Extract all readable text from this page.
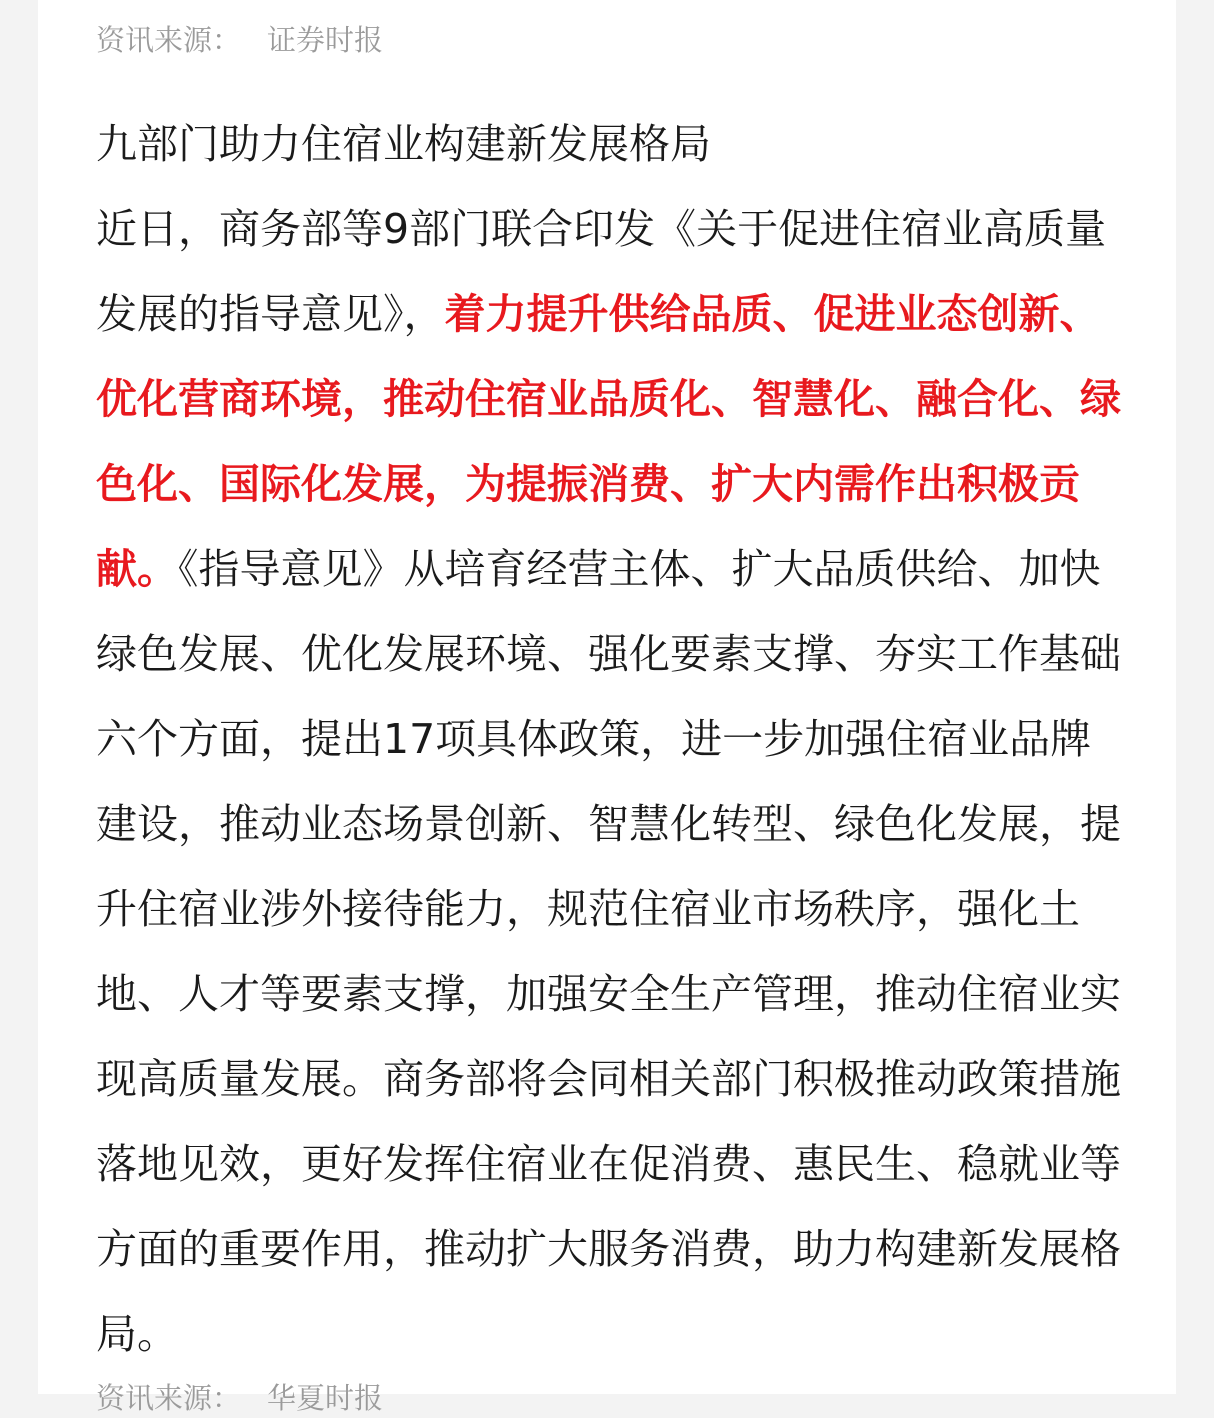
资讯来源： 证券时报
九部门助力住宿业构建新发展格局

近日，商务部等9部门联合印发《关于促进住宿业高质量发展的指导意见》，着力提升供给品质、促进业态创新、优化营商环境，推动住宿业品质化、智慧化、融合化、绿色化、国际化发展，为提振消费、扩大内需作出积极贡献。《指导意见》从培育经营主体、扩大品质供给、加快绿色发展、优化发展环境、强化要素支撑、夯实工作基础六个方面，提出17项具体政策，进一步加强住宿业品牌建设，推动业态场景创新、智慧化转型、绿色化发展，提升住宿业涉外接待能力，规范住宿业市场秩序，强化土地、人才等要素支撑，加强安全生产管理，推动住宿业实现高质量发展。商务部将会同相关部门积极推动政策措施落地见效，更好发挥住宿业在促消费、惠民生、稳就业等方面的重要作用，推动扩大服务消费，助力构建新发展格局。

资讯来源： 华夏时报
